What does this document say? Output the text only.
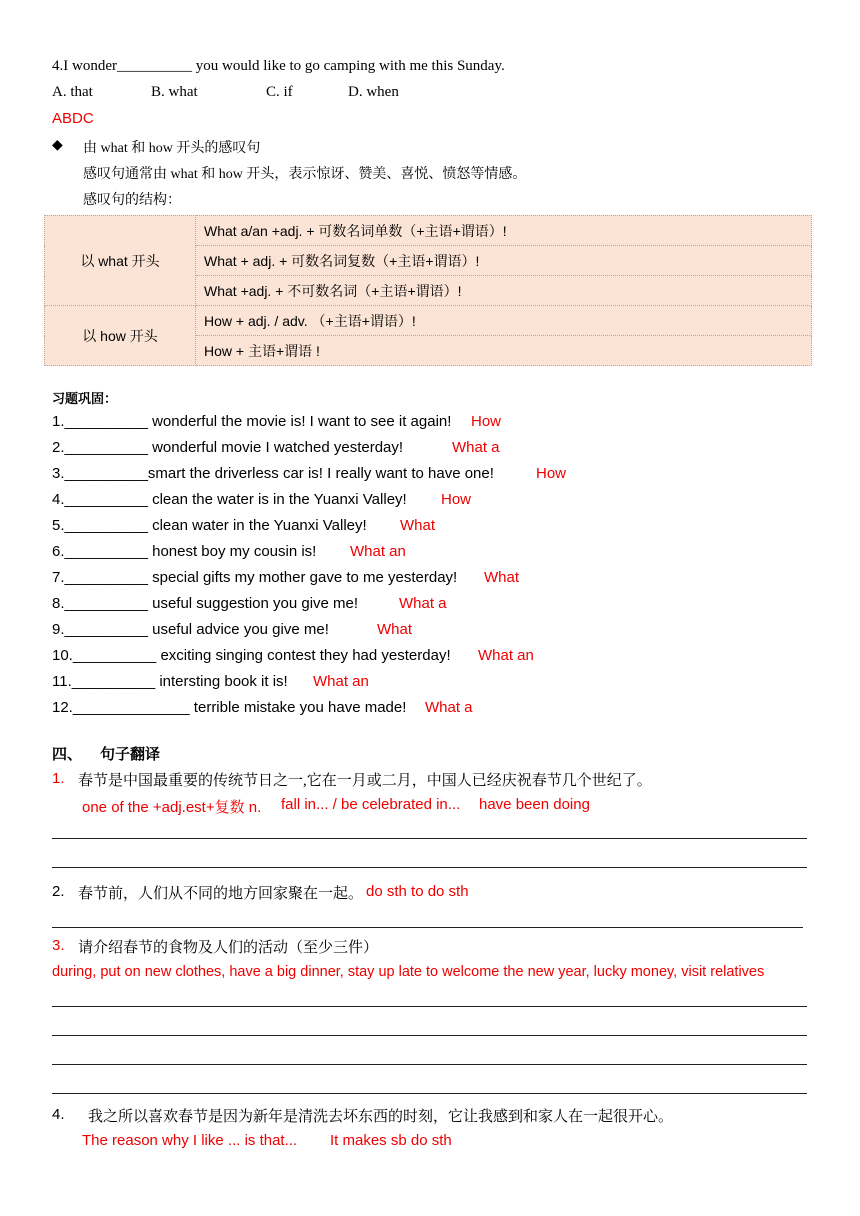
4.I wonder__________ you would like to go camping with me this Sunday.
A. that	B. what	C. if	D. when
ABDC
◆ 由 what 和 how 开头的感叹句
感叹句通常由 what 和 how 开头，表示惊讶、赞美、喜悦、愤怒等情感。
感叹句的结构：
以 what 开头	What a/an +adj. + 可数名词单数（+主语+谓语）!
	What + adj. + 可数名词复数（+主语+谓语）!
	What +adj. + 不可数名词（+主语+谓语）!
以 how 开头	How + adj. / adv. （+主语+谓语）!
	How + 主语+谓语 !
习题巩固：
1.__________ wonderful the movie is! I want to see it again! How
2.__________ wonderful movie I watched yesterday!	What a
3.__________smart the driverless car is! I really want to have one!	How
4.__________ clean the water is in the Yuanxi Valley! How
5.__________ clean water in the Yuanxi Valley! What
6.__________ honest boy my cousin is! What an
7.__________ special gifts my mother gave to me yesterday! What
8.__________ useful suggestion you give me!	What a
9.__________ useful advice you give me!	What
10.__________ exciting singing contest they had yesterday! What an
11.__________ intersting book it is! What an
12.______________ terrible mistake you have made! What a
四、 句子翻译
1. 春节是中国最重要的传统节日之一,它在一月或二月，中国人已经庆祝春节几个世纪了。
one of the +adj.est+复数 n. fall in... / be celebrated in... have been doing
2. 春节前，人们从不同的地方回家聚在一起。 do sth to do sth
3. 请介绍春节的食物及人们的活动（至少三件）
during, put on new clothes, have a big dinner, stay up late to welcome the new year, lucky money, visit relatives
4. 我之所以喜欢春节是因为新年是清洗去坏东西的时刻，它让我感到和家人在一起很开心。
The reason why I like ... is that... It makes sb do sth
